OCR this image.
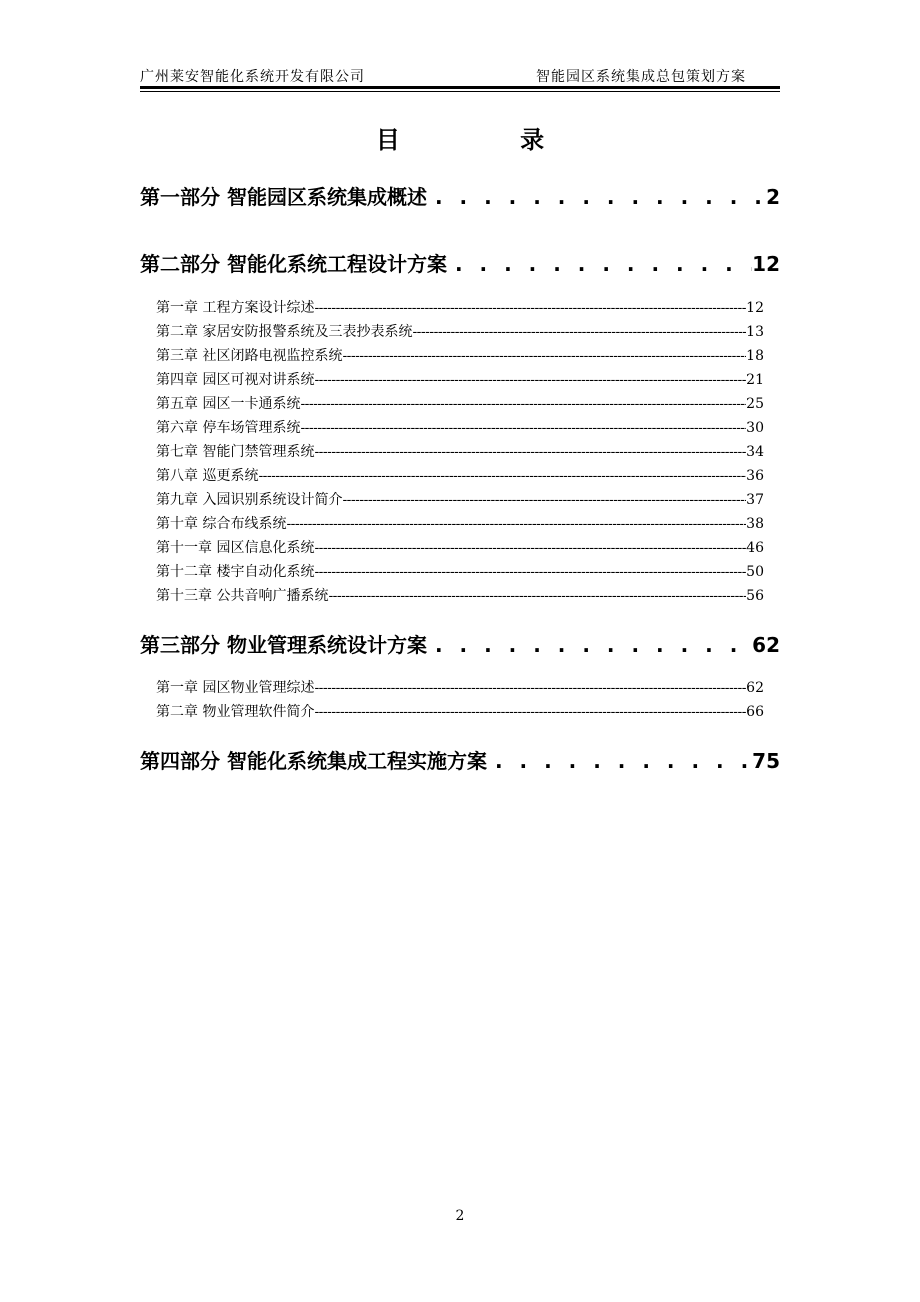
广州莱安智能化系统开发有限公司	智能园区系统集成总包策划方案
目 录
第一部分 智能园区系统集成概述 . . .	2
第二部分 智能化系统工程设计方案 . . .	12
第一章 工程方案设计综述 -----	12
第二章 家居安防报警系统及三表抄表系统 -----	13
第三章 社区闭路电视监控系统 -----	18
第四章 园区可视对讲系统 -----	21
第五章 园区一卡通系统 -----	25
第六章 停车场管理系统 -----	30
第七章 智能门禁管理系统 -----	34
第八章 巡更系统 -----	36
第九章 入园识别系统设计简介 -----	37
第十章 综合布线系统 -----	38
第十一章 园区信息化系统 -----	46
第十二章 楼宇自动化系统 -----	50
第十三章 公共音响广播系统 -----	56
第三部分 物业管理系统设计方案 . . .	62
第一章 园区物业管理综述 -----	62
第二章 物业管理软件简介 -----	66
第四部分 智能化系统集成工程实施方案 . . .	75
2
